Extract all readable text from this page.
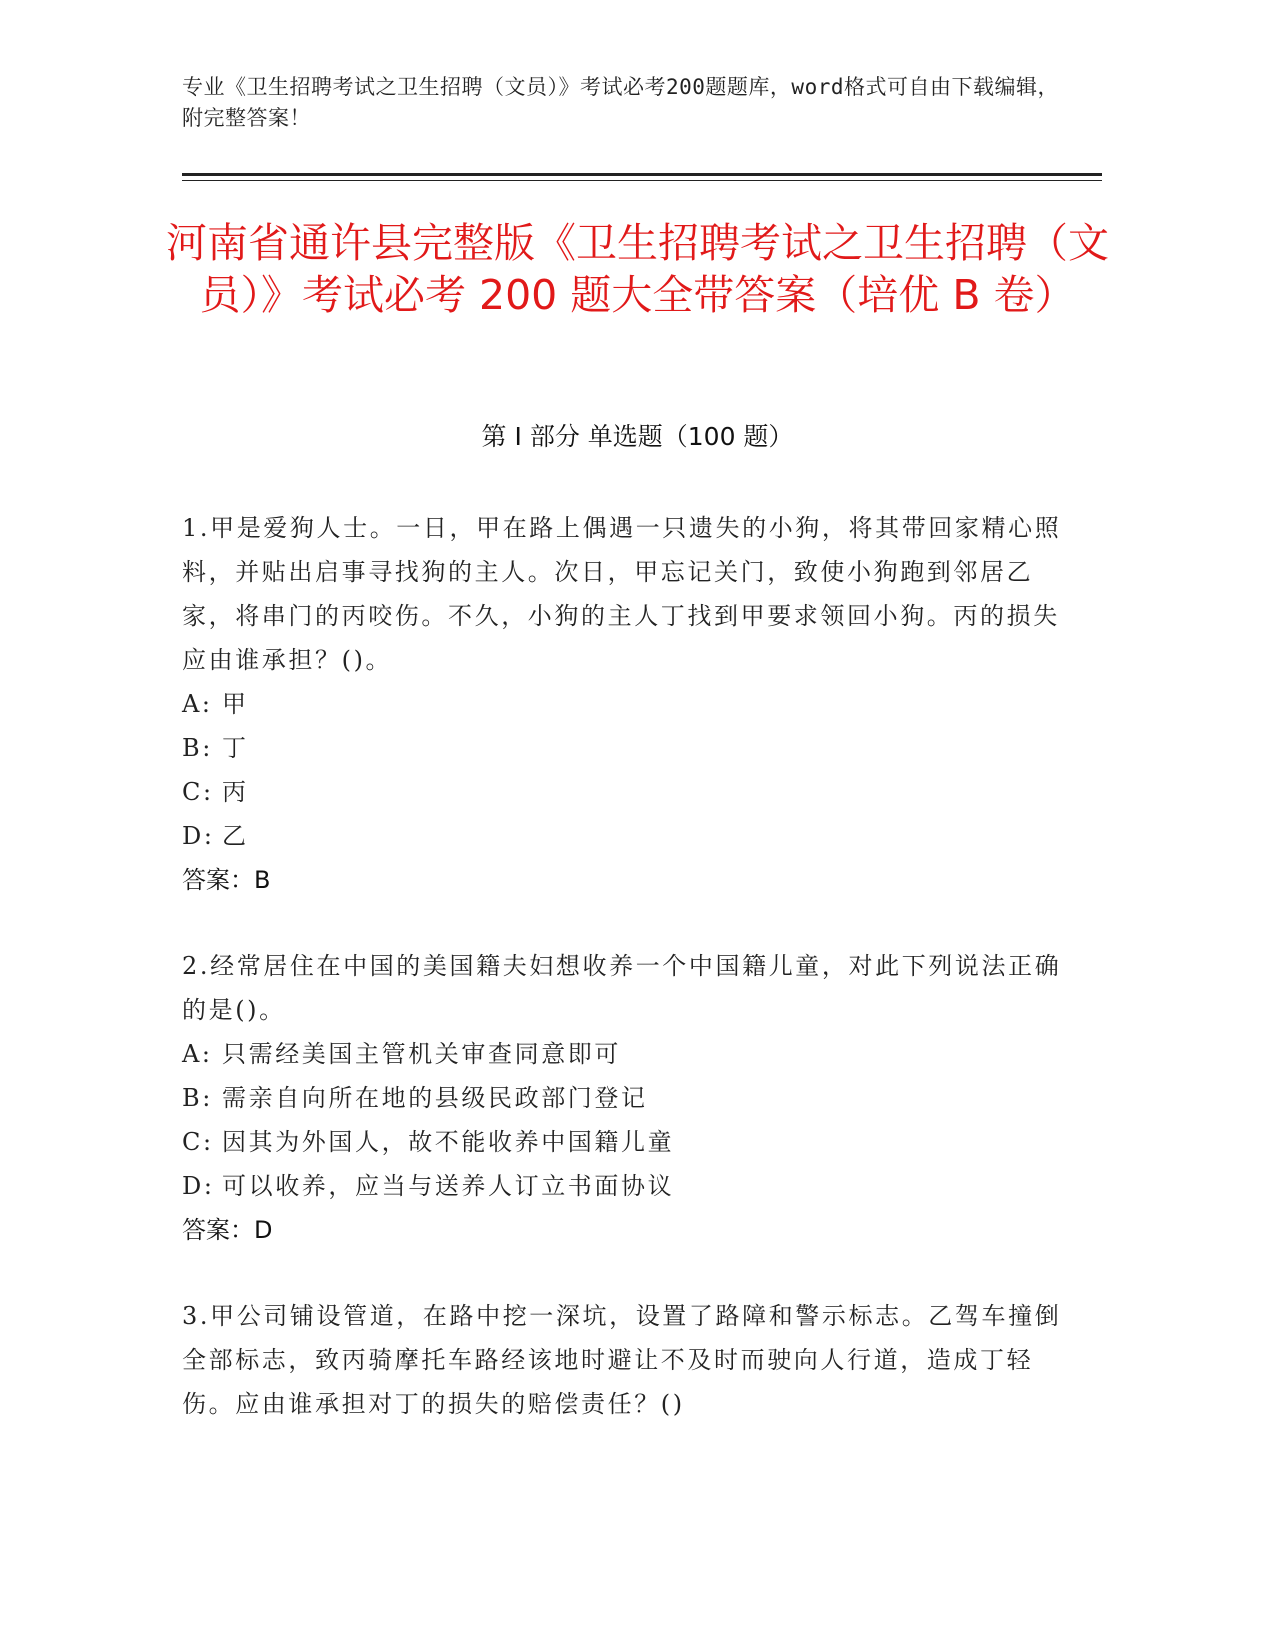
专业《卫生招聘考试之卫生招聘（文员）》考试必考200题题库，word格式可自由下载编辑，附完整答案！
河南省通许县完整版《卫生招聘考试之卫生招聘（文员）》考试必考 200 题大全带答案（培优 B 卷）
第 I 部分 单选题（100 题）
1.甲是爱狗人士。一日，甲在路上偶遇一只遗失的小狗，将其带回家精心照料，并贴出启事寻找狗的主人。次日，甲忘记关门，致使小狗跑到邻居乙家，将串门的丙咬伤。不久，小狗的主人丁找到甲要求领回小狗。丙的损失应由谁承担？()。
A: 甲
B: 丁
C: 丙
D: 乙
答案：B
2.经常居住在中国的美国籍夫妇想收养一个中国籍儿童，对此下列说法正确的是()。
A: 只需经美国主管机关审查同意即可
B: 需亲自向所在地的县级民政部门登记
C: 因其为外国人，故不能收养中国籍儿童
D: 可以收养，应当与送养人订立书面协议
答案：D
3.甲公司铺设管道，在路中挖一深坑，设置了路障和警示标志。乙驾车撞倒全部标志，致丙骑摩托车路经该地时避让不及时而驶向人行道，造成丁轻伤。应由谁承担对丁的损失的赔偿责任？()
